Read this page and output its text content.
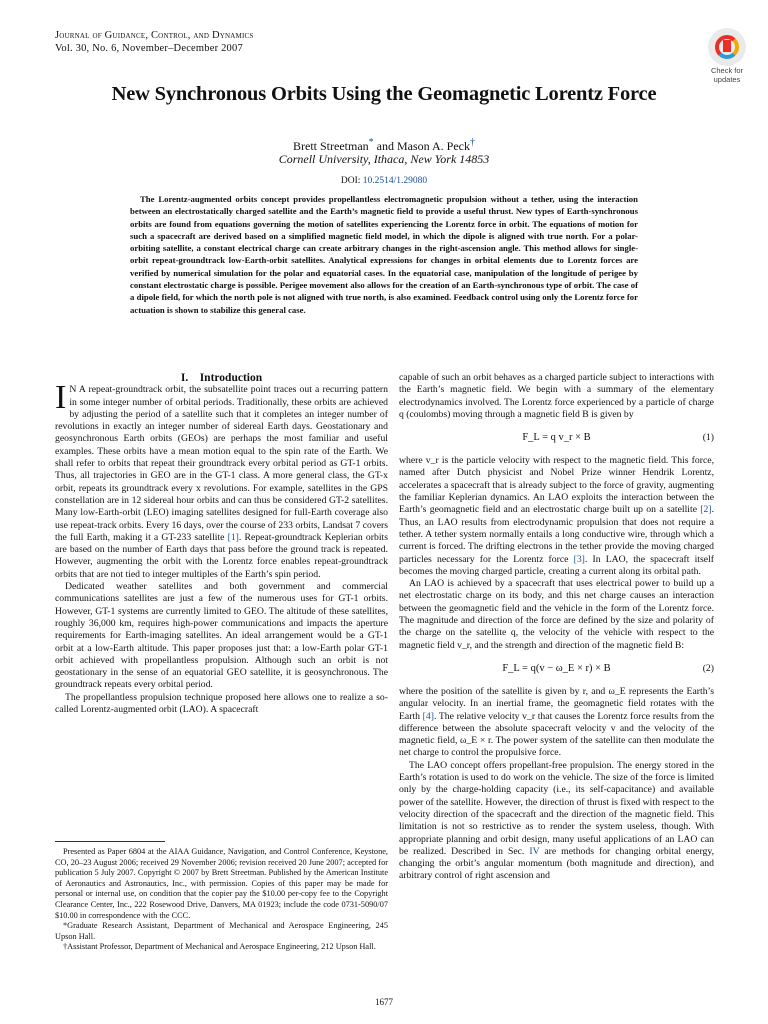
Journal of Guidance, Control, and Dynamics
Vol. 30, No. 6, November–December 2007
Check for
updates
New Synchronous Orbits Using the Geomagnetic Lorentz Force
Brett Streetman* and Mason A. Peck†
Cornell University, Ithaca, New York 14853
DOI: 10.2514/1.29080

The Lorentz-augmented orbits concept provides propellantless electromagnetic propulsion without a tether, using the interaction between an electrostatically charged satellite and the Earth’s magnetic field to provide a useful thrust. New types of Earth-synchronous orbits are found from equations governing the motion of satellites experiencing the Lorentz force in orbit. The equations of motion for such a spacecraft are derived based on a simplified magnetic field model, in which the dipole is aligned with true north. For a polar-orbiting satellite, a constant electrical charge can create arbitrary changes in the right-ascension angle. This method allows for single-orbit repeat-groundtrack low-Earth-orbit satellites. Analytical expressions for changes in orbital elements due to Lorentz forces are verified by numerical simulation for the polar and equatorial cases. In the equatorial case, manipulation of the longitude of perigee by constant electrostatic charge is possible. Perigee movement also allows for the creation of an Earth-synchronous type of orbit. The case of a dipole field, for which the north pole is not aligned with true north, is also examined. Feedback control using only the Lorentz force for actuation is shown to stabilize this general case.

I. Introduction

I N A repeat-groundtrack orbit, the subsatellite point traces out a recurring pattern in some integer number of orbital periods. Traditionally, these orbits are achieved by adjusting the period of a satellite such that it completes an integer number of revolutions in exactly an integer number of sidereal Earth days. Geostationary and geosynchronous Earth orbits (GEOs) are perhaps the most familiar and useful examples. These orbits have a mean motion equal to the spin rate of the Earth. We shall refer to orbits that repeat their groundtrack every orbital period as GT-1 orbits. Thus, all trajectories in GEO are in the GT-1 class. A more general class, the GT-x orbit, repeats its groundtrack every x revolutions. For example, satellites in the GPS constellation are in 12 sidereal hour orbits and can thus be considered GT-2 satellites. Many low-Earth-orbit (LEO) imaging satellites designed for full-Earth coverage also use repeat-track orbits. Every 16 days, over the course of 233 orbits, Landsat 7 covers the full Earth, making it a GT-233 satellite [1]. Repeat-groundtrack Keplerian orbits are based on the number of Earth days that pass before the ground track is repeated. However, augmenting the orbit with the Lorentz force enables repeat-groundtrack orbits that are not tied to integer multiples of the Earth’s spin period.

Dedicated weather satellites and both government and commercial communications satellites are just a few of the numerous uses for GT-1 orbits. However, GT-1 systems are currently limited to GEO. The altitude of these satellites, roughly 36,000 km, requires high-power communications and impacts the aperture requirements for Earth-imaging satellites. An ideal arrangement would be a GT-1 orbit at a low-Earth altitude. This paper proposes just that: a low-Earth polar GT-1 orbit achieved with propellantless propulsion. Although such an orbit is not geostationary in the sense of an equatorial GEO satellite, it is geosynchronous. The groundtrack repeats every orbital period.

The propellantless propulsion technique proposed here allows one to realize a so-called Lorentz-augmented orbit (LAO). A spacecraft

Presented as Paper 6804 at the AIAA Guidance, Navigation, and Control Conference, Keystone, CO, 20–23 August 2006; received 29 November 2006; revision received 20 June 2007; accepted for publication 5 July 2007. Copyright © 2007 by Brett Streetman. Published by the American Institute of Aeronautics and Astronautics, Inc., with permission. Copies of this paper may be made for personal or internal use, on condition that the copier pay the $10.00 per-copy fee to the Copyright Clearance Center, Inc., 222 Rosewood Drive, Danvers, MA 01923; include the code 0731-5090/07 $10.00 in correspondence with the CCC.

*Graduate Research Assistant, Department of Mechanical and Aerospace Engineering, 245 Upson Hall.

†Assistant Professor, Department of Mechanical and Aerospace Engineering, 212 Upson Hall.

capable of such an orbit behaves as a charged particle subject to interactions with the Earth’s magnetic field. We begin with a summary of the elementary electrodynamics involved. The Lorentz force experienced by a particle of charge q (coulombs) moving through a magnetic field B is given by

F_L = q v_r × B	(1)

where v_r is the particle velocity with respect to the magnetic field. This force, named after Dutch physicist and Nobel Prize winner Hendrik Lorentz, accelerates a spacecraft that is already subject to the force of gravity, augmenting the familiar Keplerian dynamics. An LAO exploits the interaction between the Earth’s geomagnetic field and an electrostatic charge built up on a satellite [2]. Thus, an LAO results from electrodynamic propulsion that does not require a tether. A tether system normally entails a long conductive wire, through which a current is forced. The drifting electrons in the tether provide the moving charged particles necessary for the Lorentz force [3]. In LAO, the spacecraft itself becomes the moving charged particle, creating a current along its orbital path.

An LAO is achieved by a spacecraft that uses electrical power to build up a net electrostatic charge on its body, and this net charge causes an interaction between the geomagnetic field and the vehicle in the form of the Lorentz force. The magnitude and direction of the force are defined by the size and polarity of the charge on the satellite q, the velocity of the vehicle with respect to the magnetic field v_r, and the strength and direction of the magnetic field B:

F_L = q(v − ω_E × r) × B	(2)

where the position of the satellite is given by r, and ω_E represents the Earth’s angular velocity. In an inertial frame, the geomagnetic field rotates with the Earth [4]. The relative velocity v_r that causes the Lorentz force results from the difference between the absolute spacecraft velocity v and the velocity of the magnetic field, ω_E × r. The power system of the satellite can then modulate the net charge to control the propulsive force.

The LAO concept offers propellant-free propulsion. The energy stored in the Earth’s rotation is used to do work on the vehicle. The size of the force is limited only by the charge-holding capacity (i.e., its self-capacitance) and available power of the satellite. However, the direction of thrust is fixed with respect to the velocity direction of the spacecraft and the direction of the magnetic field. This limitation is not so restrictive as to render the system useless, though. With appropriate planning and orbit design, many useful applications of an LAO can be realized. Described in Sec. IV are methods for changing orbital energy, changing the orbit’s angular momentum (both magnitude and direction), and arbitrary control of right ascension and

1677
